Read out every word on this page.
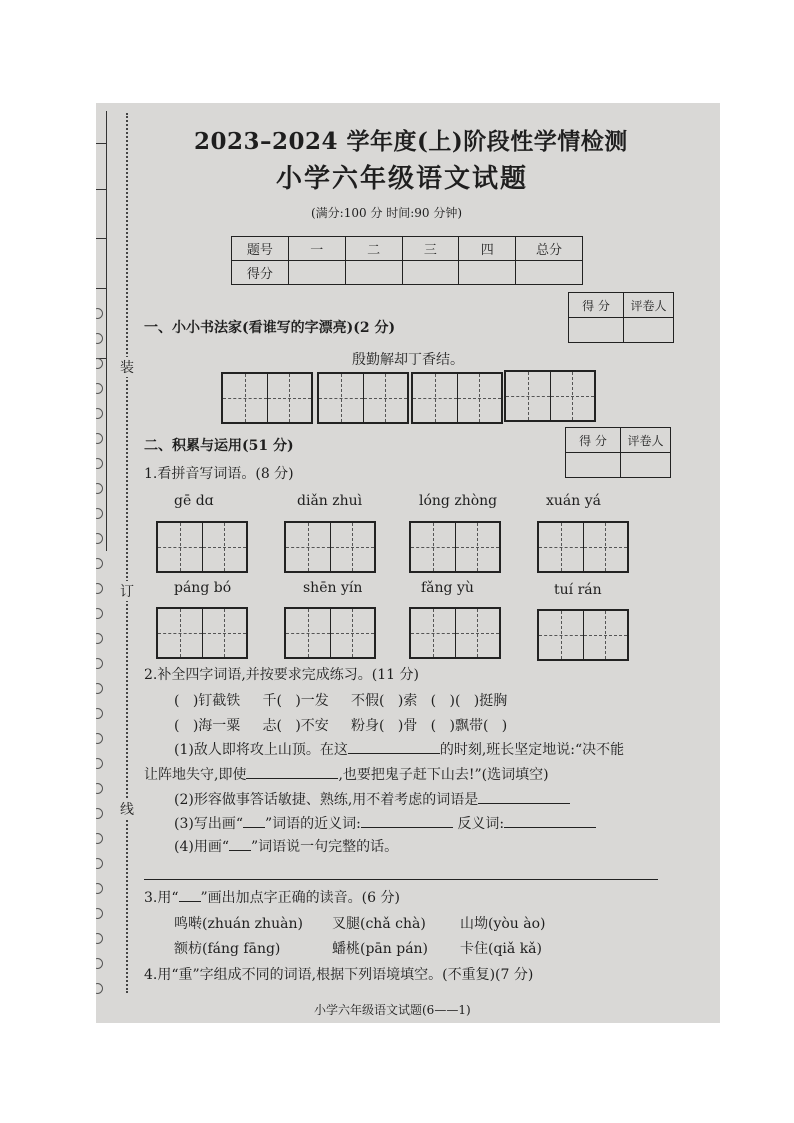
装
订
线
2023–2024 学年度(上)阶段性学情检测
小学六年级语文试题
(满分:100 分 时间:90 分钟)
题号	一	二	三	四	总分
得分					
得 分	评卷人

一、小小书法家(看谁写的字漂亮)(2 分)
殷勤解却丁香结。
得 分	评卷人

二、积累与运用(51 分)
1.看拼音写词语。(8 分)
gē dɑ	diǎn zhuì	lóng zhòng	xuán yá
páng bó	shēn yín	fǎng yù	tuí rán
2.补全四字词语,并按要求完成练习。(11 分)
(   )钉截铁     千(   )一发     不假(   )索   (   )(   )挺胸
(   )海一粟     忐(   )不安     粉身(   )骨   (   )飘带(   )
(1)敌人即将攻上山顶。在这	的时刻,班长坚定地说:“决不能
让阵地失守,即使	,也要把鬼子赶下山去!”(选词填空)
(2)形容做事答话敏捷、熟练,用不着考虑的词语是
(3)写出画“ ”词语的近义词:	反义词:
(4)用画“ ”词语说一句完整的话。
3.用“ ”画出加点字正确的读音。(6 分)
鸣啭(zhuán zhuàn) 叉腿(chǎ chà) 山坳(yòu ào)
额枋(fáng fāng)	蟠桃(pān pán) 卡住(qiǎ kǎ)
4.用“重”字组成不同的词语,根据下列语境填空。(不重复)(7 分)
小学六年级语文试题(6——1)
